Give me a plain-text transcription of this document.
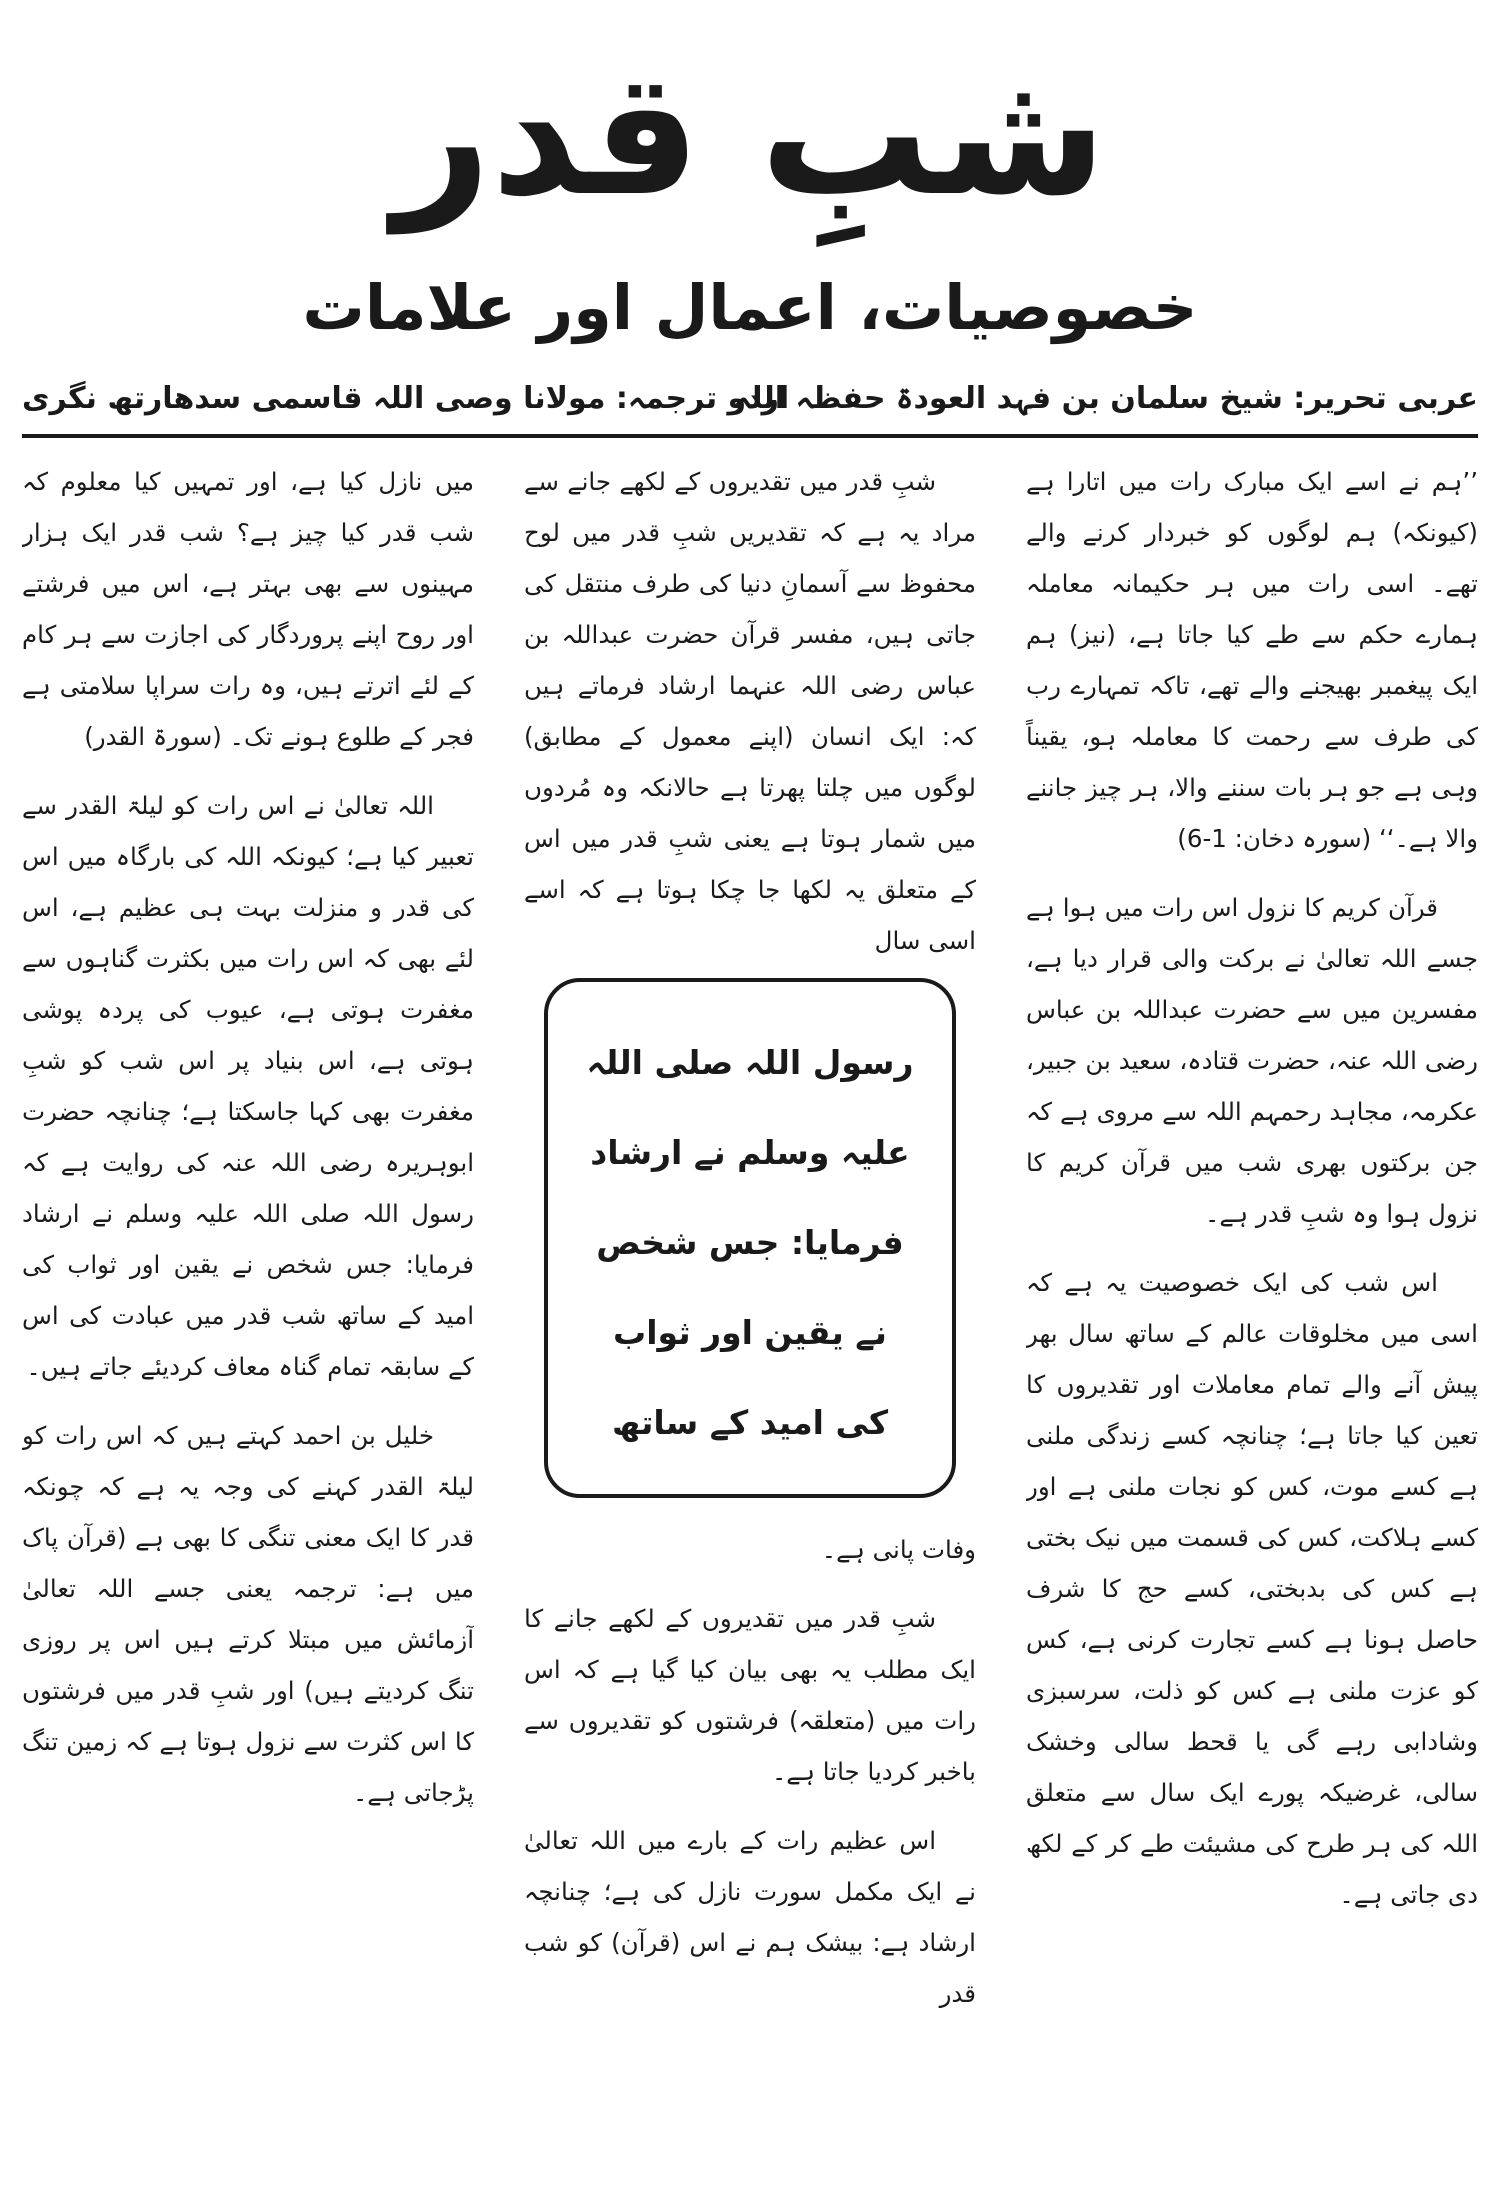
شبِ قدر
خصوصیات، اعمال اور علامات
عربی تحریر: شیخ سلمان بن فہد العودۃ حفظہ اللہ
اردو ترجمہ: مولانا وصی اللہ قاسمی سدھارتھ نگری

’’ہم نے اسے ایک مبارک رات میں اتارا ہے (کیونکہ) ہم لوگوں کو خبردار کرنے والے تھے۔ اسی رات میں ہر حکیمانہ معاملہ ہمارے حکم سے طے کیا جاتا ہے، (نیز) ہم ایک پیغمبر بھیجنے والے تھے، تاکہ تمہارے رب کی طرف سے رحمت کا معاملہ ہو، یقیناً وہی ہے جو ہر بات سننے والا، ہر چیز جاننے والا ہے۔‘‘ (سورہ دخان: 1-6)

قرآن کریم کا نزول اس رات میں ہوا ہے جسے اللہ تعالیٰ نے برکت والی قرار دیا ہے، مفسرین میں سے حضرت عبداللہ بن عباس رضی اللہ عنہ، حضرت قتادہ، سعید بن جبیر، عکرمہ، مجاہد رحمہم اللہ سے مروی ہے کہ جن برکتوں بھری شب میں قرآن کریم کا نزول ہوا وہ شبِ قدر ہے۔

اس شب کی ایک خصوصیت یہ ہے کہ اسی میں مخلوقات عالم کے ساتھ سال بھر پیش آنے والے تمام معاملات اور تقدیروں کا تعین کیا جاتا ہے؛ چنانچہ کسے زندگی ملنی ہے کسے موت، کس کو نجات ملنی ہے اور کسے ہلاکت، کس کی قسمت میں نیک بختی ہے کس کی بدبختی، کسے حج کا شرف حاصل ہونا ہے کسے تجارت کرنی ہے، کس کو عزت ملنی ہے کس کو ذلت، سرسبزی وشادابی رہے گی یا قحط سالی وخشک سالی، غرضیکہ پورے ایک سال سے متعلق اللہ کی ہر طرح کی مشیئت طے کر کے لکھ دی جاتی ہے۔

شبِ قدر میں تقدیروں کے لکھے جانے سے مراد یہ ہے کہ تقدیریں شبِ قدر میں لوح محفوظ سے آسمانِ دنیا کی طرف منتقل کی جاتی ہیں، مفسر قرآن حضرت عبداللہ بن عباس رضی اللہ عنہما ارشاد فرماتے ہیں کہ: ایک انسان (اپنے معمول کے مطابق) لوگوں میں چلتا پھرتا ہے حالانکہ وہ مُردوں میں شمار ہوتا ہے یعنی شبِ قدر میں اس کے متعلق یہ لکھا جا چکا ہوتا ہے کہ اسے اسی سال

رسول اللہ صلی اللہ علیہ وسلم نے ارشاد فرمایا: جس شخص نے یقین اور ثواب کی امید کے ساتھ

وفات پانی ہے۔

شبِ قدر میں تقدیروں کے لکھے جانے کا ایک مطلب یہ بھی بیان کیا گیا ہے کہ اس رات میں (متعلقہ) فرشتوں کو تقدیروں سے باخبر کردیا جاتا ہے۔

اس عظیم رات کے بارے میں اللہ تعالیٰ نے ایک مکمل سورت نازل کی ہے؛ چنانچہ ارشاد ہے: بیشک ہم نے اس (قرآن) کو شب قدر

میں نازل کیا ہے، اور تمہیں کیا معلوم کہ شب قدر کیا چیز ہے؟ شب قدر ایک ہزار مہینوں سے بھی بہتر ہے، اس میں فرشتے اور روح اپنے پروردگار کی اجازت سے ہر کام کے لئے اترتے ہیں، وہ رات سراپا سلامتی ہے فجر کے طلوع ہونے تک۔ (سورۃ القدر)

اللہ تعالیٰ نے اس رات کو لیلۃ القدر سے تعبیر کیا ہے؛ کیونکہ اللہ کی بارگاہ میں اس کی قدر و منزلت بہت ہی عظیم ہے، اس لئے بھی کہ اس رات میں بکثرت گناہوں سے مغفرت ہوتی ہے، عیوب کی پردہ پوشی ہوتی ہے، اس بنیاد پر اس شب کو شبِ مغفرت بھی کہا جاسکتا ہے؛ چنانچہ حضرت ابوہریرہ رضی اللہ عنہ کی روایت ہے کہ رسول اللہ صلی اللہ علیہ وسلم نے ارشاد فرمایا: جس شخص نے یقین اور ثواب کی امید کے ساتھ شب قدر میں عبادت کی اس کے سابقہ تمام گناہ معاف کردیئے جاتے ہیں۔

خلیل بن احمد کہتے ہیں کہ اس رات کو لیلۃ القدر کہنے کی وجہ یہ ہے کہ چونکہ قدر کا ایک معنی تنگی کا بھی ہے (قرآن پاک میں ہے: ترجمہ یعنی جسے اللہ تعالیٰ آزمائش میں مبتلا کرتے ہیں اس پر روزی تنگ کردیتے ہیں) اور شبِ قدر میں فرشتوں کا اس کثرت سے نزول ہوتا ہے کہ زمین تنگ پڑجاتی ہے۔
